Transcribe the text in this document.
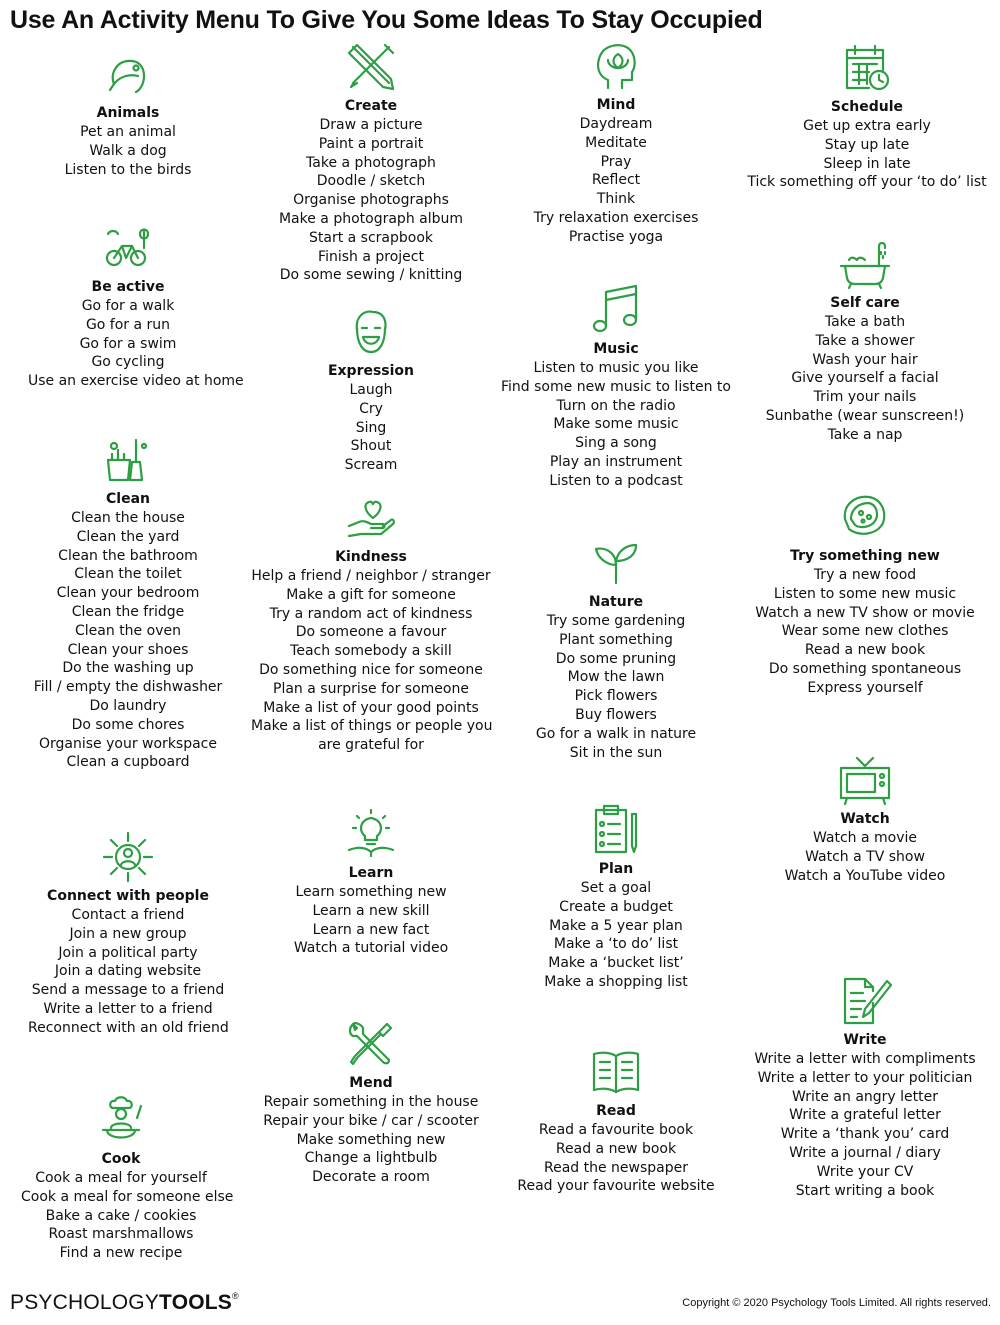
Use An Activity Menu To Give You Some Ideas To Stay Occupied
Animals
Pet an animal
Walk a dog
Listen to the birds
Be active
Go for a walk
Go for a run
Go for a swim
Go cycling
Use an exercise video at home
Clean
Clean the house
Clean the yard
Clean the bathroom
Clean the toilet
Clean your bedroom
Clean the fridge
Clean the oven
Clean your shoes
Do the washing up
Fill / empty the dishwasher
Do laundry
Do some chores
Organise your workspace
Clean a cupboard
Connect with people
Contact a friend
Join a new group
Join a political party
Join a dating website
Send a message to a friend
Write a letter to a friend
Reconnect with an old friend
Cook
Cook a meal for yourself
Cook a meal for someone else
Bake a cake / cookies
Roast marshmallows
Find a new recipe
Create
Draw a picture
Paint a portrait
Take a photograph
Doodle / sketch
Organise photographs
Make a photograph album
Start a scrapbook
Finish a project
Do some sewing / knitting
Expression
Laugh
Cry
Sing
Shout
Scream
Kindness
Help a friend / neighbor / stranger
Make a gift for someone
Try a random act of kindness
Do someone a favour
Teach somebody a skill
Do something nice for someone
Plan a surprise for someone
Make a list of your good points
Make a list of things or people you
are grateful for
Learn
Learn something new
Learn a new skill
Learn a new fact
Watch a tutorial video
Mend
Repair something in the house
Repair your bike / car / scooter
Make something new
Change a lightbulb
Decorate a room
Mind
Daydream
Meditate
Pray
Reflect
Think
Try relaxation exercises
Practise yoga
Music
Listen to music you like
Find some new music to listen to
Turn on the radio
Make some music
Sing a song
Play an instrument
Listen to a podcast
Nature
Try some gardening
Plant something
Do some pruning
Mow the lawn
Pick flowers
Buy flowers
Go for a walk in nature
Sit in the sun
Plan
Set a goal
Create a budget
Make a 5 year plan
Make a ‘to do’ list
Make a ‘bucket list’
Make a shopping list
Read
Read a favourite book
Read a new book
Read the newspaper
Read your favourite website
Schedule
Get up extra early
Stay up late
Sleep in late
Tick something off your ‘to do’ list
Self care
Take a bath
Take a shower
Wash your hair
Give yourself a facial
Trim your nails
Sunbathe (wear sunscreen!)
Take a nap
Try something new
Try a new food
Listen to some new music
Watch a new TV show or movie
Wear some new clothes
Read a new book
Do something spontaneous
Express yourself
Watch
Watch a movie
Watch a TV show
Watch a YouTube video
Write
Write a letter with compliments
Write a letter to your politician
Write an angry letter
Write a grateful letter
Write a ‘thank you’ card
Write a journal / diary
Write your CV
Start writing a book
PSYCHOLOGYTOOLS®
Copyright © 2020 Psychology Tools Limited. All rights reserved.
